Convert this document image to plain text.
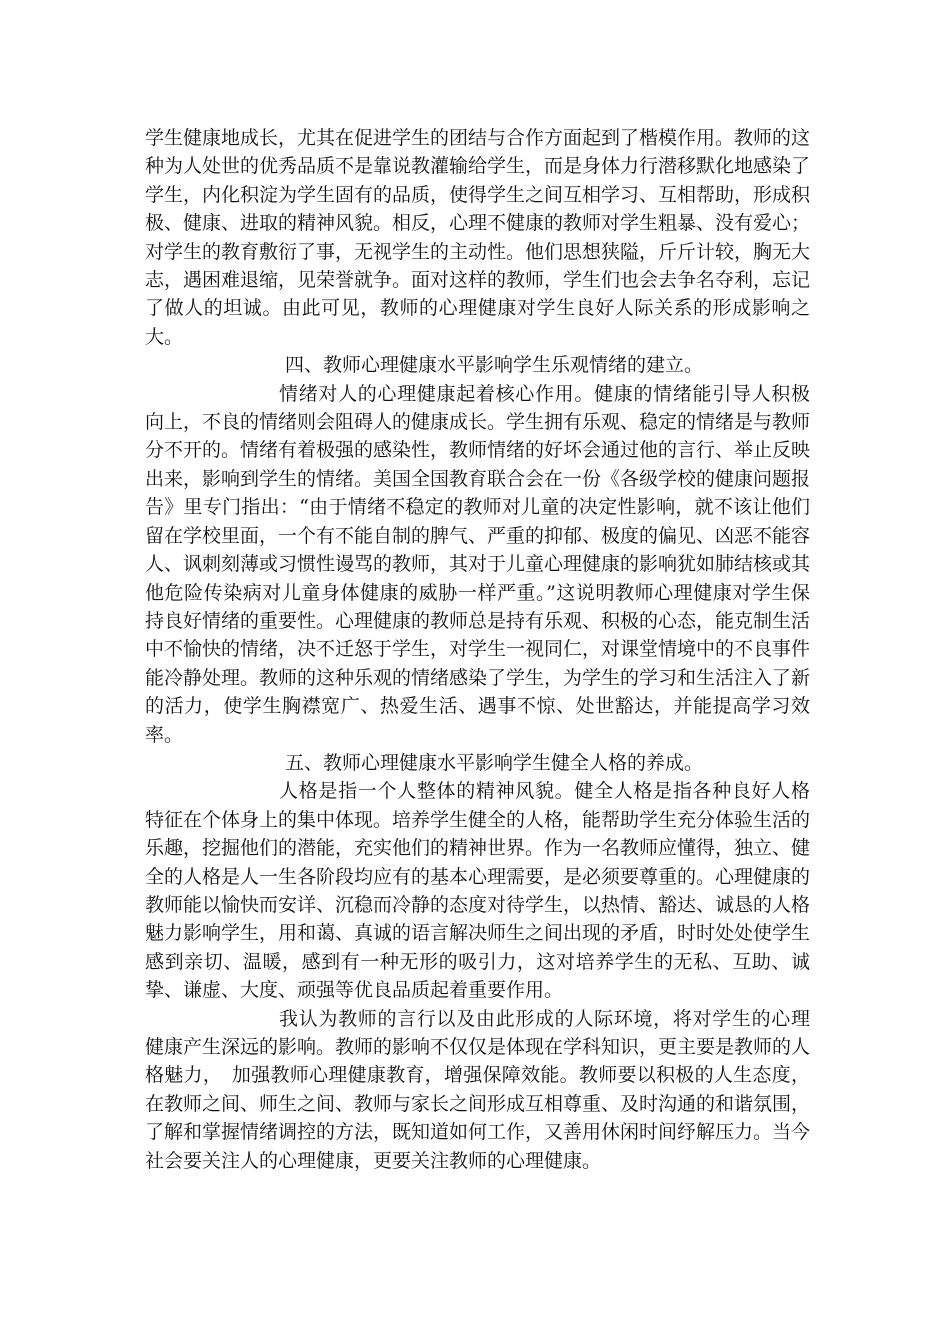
学生健康地成长，尤其在促进学生的团结与合作方面起到了楷模作用。教师的这种为人处世的优秀品质不是靠说教灌输给学生，而是身体力行潜移默化地感染了学生，内化积淀为学生固有的品质，使得学生之间互相学习、互相帮助，形成积极、健康、进取的精神风貌。相反，心理不健康的教师对学生粗暴、没有爱心；对学生的教育敷衍了事，无视学生的主动性。他们思想狭隘，斤斤计较，胸无大志，遇困难退缩，见荣誉就争。面对这样的教师，学生们也会去争名夺利，忘记了做人的坦诚。由此可见，教师的心理健康对学生良好人际关系的形成影响之大。

四、教师心理健康水平影响学生乐观情绪的建立。

情绪对人的心理健康起着核心作用。健康的情绪能引导人积极向上，不良的情绪则会阻碍人的健康成长。学生拥有乐观、稳定的情绪是与教师分不开的。情绪有着极强的感染性，教师情绪的好坏会通过他的言行、举止反映出来，影响到学生的情绪。美国全国教育联合会在一份《各级学校的健康问题报告》里专门指出：“由于情绪不稳定的教师对儿童的决定性影响，就不该让他们留在学校里面，一个有不能自制的脾气、严重的抑郁、极度的偏见、凶恶不能容人、讽刺刻薄或习惯性谩骂的教师，其对于儿童心理健康的影响犹如肺结核或其他危险传染病对儿童身体健康的威胁一样严重。”这说明教师心理健康对学生保持良好情绪的重要性。心理健康的教师总是持有乐观、积极的心态，能克制生活中不愉快的情绪，决不迁怒于学生，对学生一视同仁，对课堂情境中的不良事件能冷静处理。教师的这种乐观的情绪感染了学生，为学生的学习和生活注入了新的活力，使学生胸襟宽广、热爱生活、遇事不惊、处世豁达，并能提高学习效率。

五、教师心理健康水平影响学生健全人格的养成。

人格是指一个人整体的精神风貌。健全人格是指各种良好人格特征在个体身上的集中体现。培养学生健全的人格，能帮助学生充分体验生活的乐趣，挖掘他们的潜能，充实他们的精神世界。作为一名教师应懂得，独立、健全的人格是人一生各阶段均应有的基本心理需要，是必须要尊重的。心理健康的教师能以愉快而安详、沉稳而冷静的态度对待学生，以热情、豁达、诚恳的人格魅力影响学生，用和蔼、真诚的语言解决师生之间出现的矛盾，时时处处使学生感到亲切、温暖，感到有一种无形的吸引力，这对培养学生的无私、互助、诚挚、谦虚、大度、顽强等优良品质起着重要作用。

我认为教师的言行以及由此形成的人际环境，将对学生的心理健康产生深远的影响。教师的影响不仅仅是体现在学科知识，更主要是教师的人格魅力，　加强教师心理健康教育，增强保障效能。教师要以积极的人生态度，在教师之间、师生之间、教师与家长之间形成互相尊重、及时沟通的和谐氛围，了解和掌握情绪调控的方法，既知道如何工作，又善用休闲时间纾解压力。当今社会要关注人的心理健康，更要关注教师的心理健康。
